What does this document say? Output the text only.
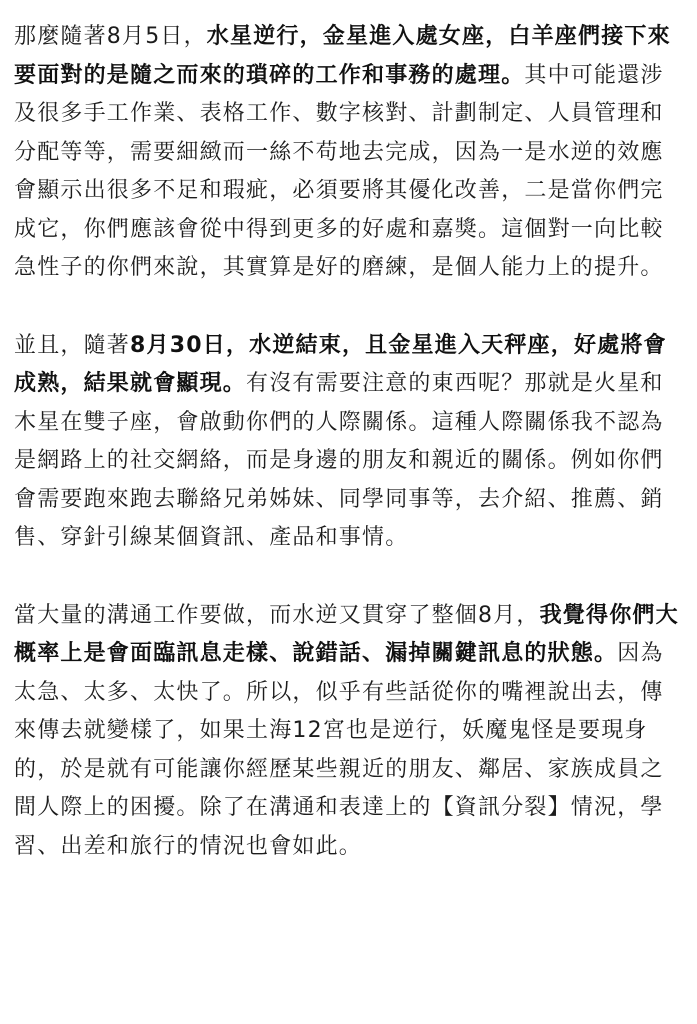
那麼隨著8月5日，水星逆行，金星進入處女座，白羊座們接下來要面對的是隨之而來的瑣碎的工作和事務的處理。其中可能還涉及很多手工作業、表格工作、數字核對、計劃制定、人員管理和分配等等，需要細緻而一絲不苟地去完成，因為一是水逆的效應會顯示出很多不足和瑕疵，必須要將其優化改善，二是當你們完成它，你們應該會從中得到更多的好處和嘉獎。這個對一向比較急性子的你們來說，其實算是好的磨練，是個人能力上的提升。

並且，隨著8月30日，水逆結束，且金星進入天秤座，好處將會成熟，結果就會顯現。有沒有需要注意的東西呢？那就是火星和木星在雙子座，會啟動你們的人際關係。這種人際關係我不認為是網路上的社交網絡，而是身邊的朋友和親近的關係。例如你們會需要跑來跑去聯絡兄弟姊妹、同學同事等，去介紹、推薦、銷售、穿針引線某個資訊、產品和事情。

當大量的溝通工作要做，而水逆又貫穿了整個8月，我覺得你們大概率上是會面臨訊息走樣、說錯話、漏掉關鍵訊息的狀態。因為太急、太多、太快了。所以，似乎有些話從你的嘴裡說出去，傳來傳去就變樣了，如果土海12宮也是逆行，妖魔鬼怪是要現身的，於是就有可能讓你經歷某些親近的朋友、鄰居、家族成員之間人際上的困擾。除了在溝通和表達上的【資訊分裂】情況，學習、出差和旅行的情況也會如此。
